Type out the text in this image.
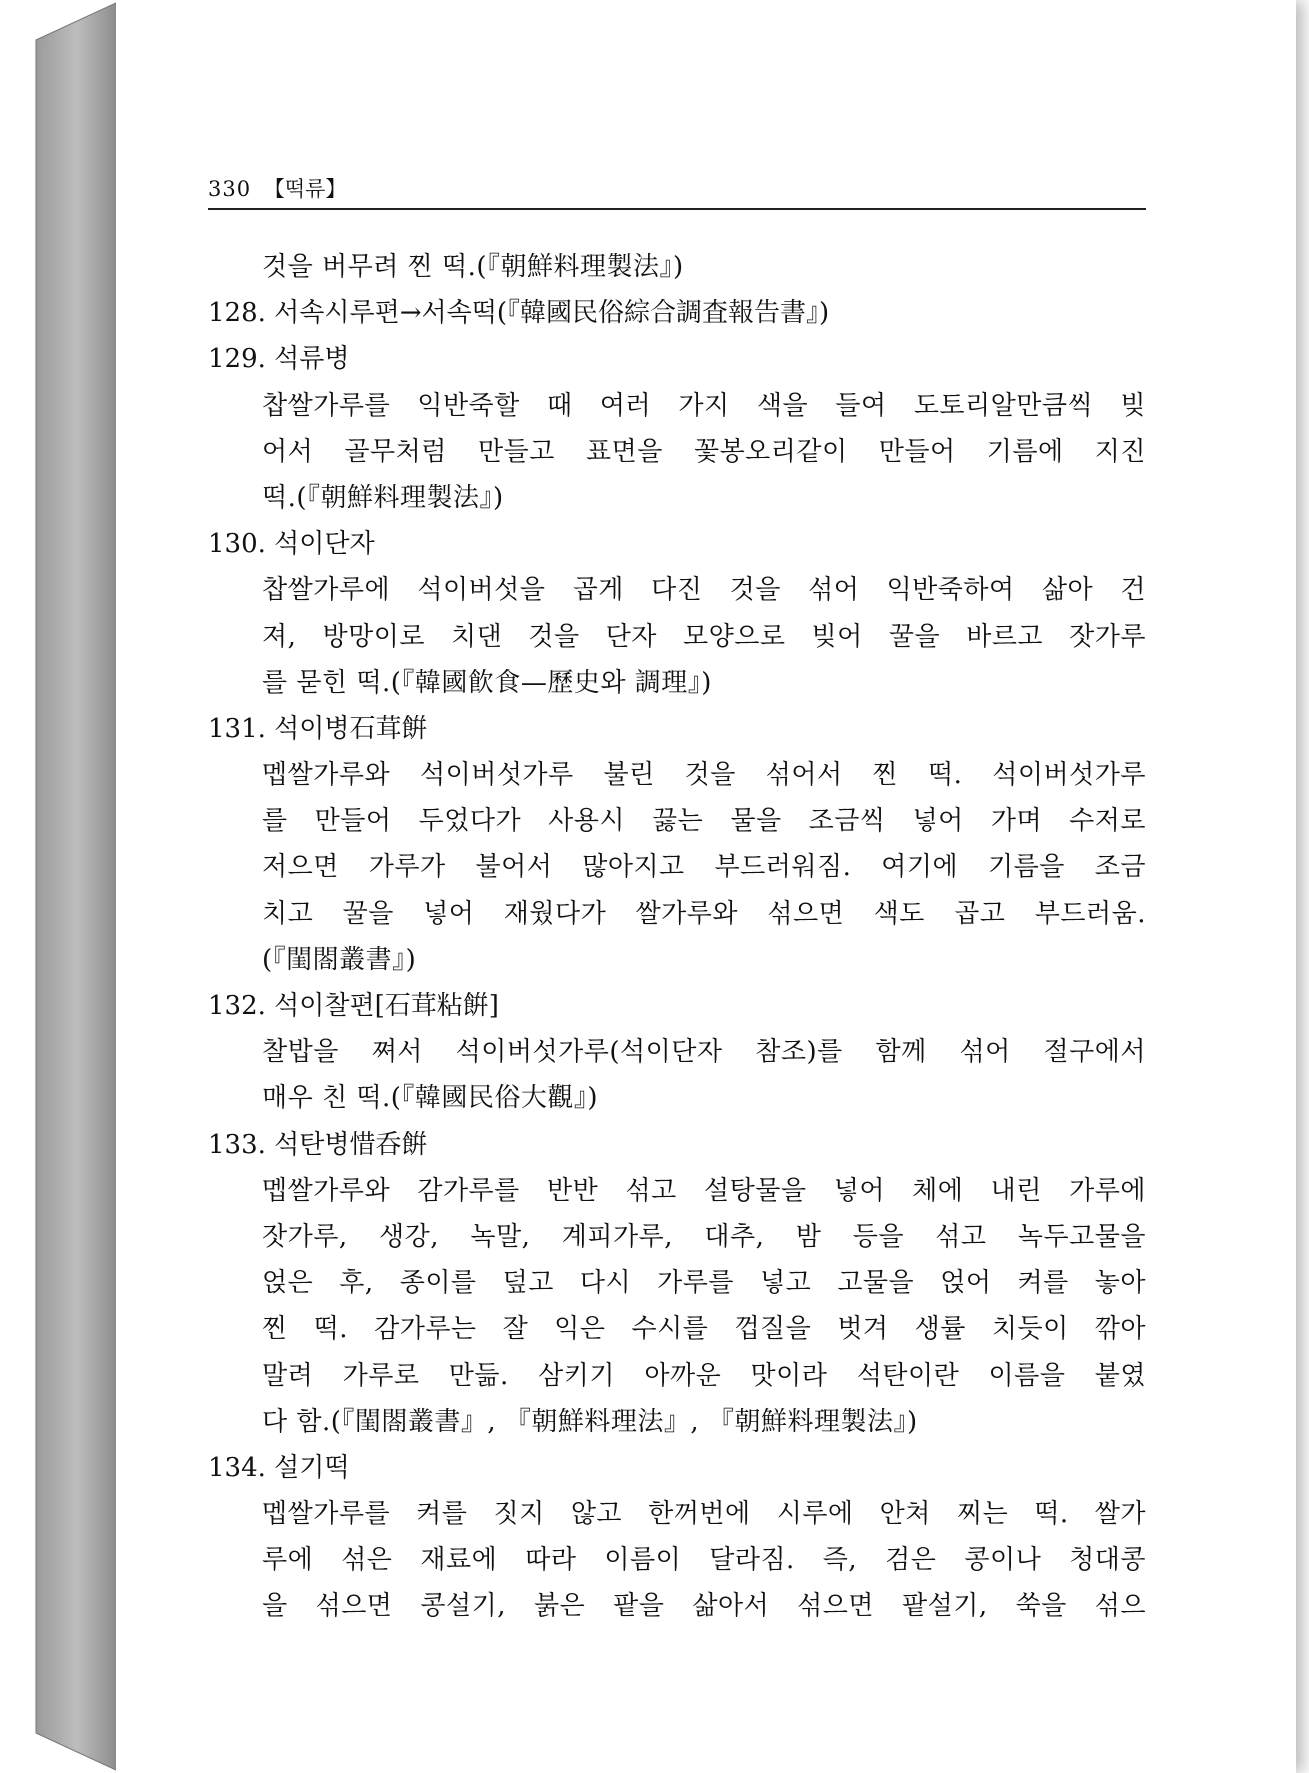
330 【떡류】
것을 버무려 찐 떡.(『朝鮮料理製法』)
128. 서속시루편→서속떡(『韓國民俗綜合調査報告書』)
129. 석류병
찹쌀가루를 익반죽할 때 여러 가지 색을 들여 도토리알만큼씩 빚
어서 골무처럼 만들고 표면을 꽃봉오리같이 만들어 기름에 지진
떡.(『朝鮮料理製法』)
130. 석이단자
찹쌀가루에 석이버섯을 곱게 다진 것을 섞어 익반죽하여 삶아 건
져, 방망이로 치댄 것을 단자 모양으로 빚어 꿀을 바르고 잣가루
를 묻힌 떡.(『韓國飮食—歷史와 調理』)
131. 석이병石茸餠
멥쌀가루와 석이버섯가루 불린 것을 섞어서 찐 떡. 석이버섯가루
를 만들어 두었다가 사용시 끓는 물을 조금씩 넣어 가며 수저로
저으면 가루가 불어서 많아지고 부드러워짐. 여기에 기름을 조금
치고 꿀을 넣어 재웠다가 쌀가루와 섞으면 색도 곱고 부드러움.
(『閨閤叢書』)
132. 석이찰편[石茸粘餠]
찰밥을 쪄서 석이버섯가루(석이단자 참조)를 함께 섞어 절구에서
매우 친 떡.(『韓國民俗大觀』)
133. 석탄병惜呑餠
멥쌀가루와 감가루를 반반 섞고 설탕물을 넣어 체에 내린 가루에
잣가루, 생강, 녹말, 계피가루, 대추, 밤 등을 섞고 녹두고물을
얹은 후, 종이를 덮고 다시 가루를 넣고 고물을 얹어 켜를 놓아
찐 떡. 감가루는 잘 익은 수시를 껍질을 벗겨 생률 치듯이 깎아
말려 가루로 만듦. 삼키기 아까운 맛이라 석탄이란 이름을 붙였
다 함.(『閨閤叢書』, 『朝鮮料理法』, 『朝鮮料理製法』)
134. 설기떡
멥쌀가루를 켜를 짓지 않고 한꺼번에 시루에 안쳐 찌는 떡. 쌀가
루에 섞은 재료에 따라 이름이 달라짐. 즉, 검은 콩이나 청대콩
을 섞으면 콩설기, 붉은 팥을 삶아서 섞으면 팥설기, 쑥을 섞으
